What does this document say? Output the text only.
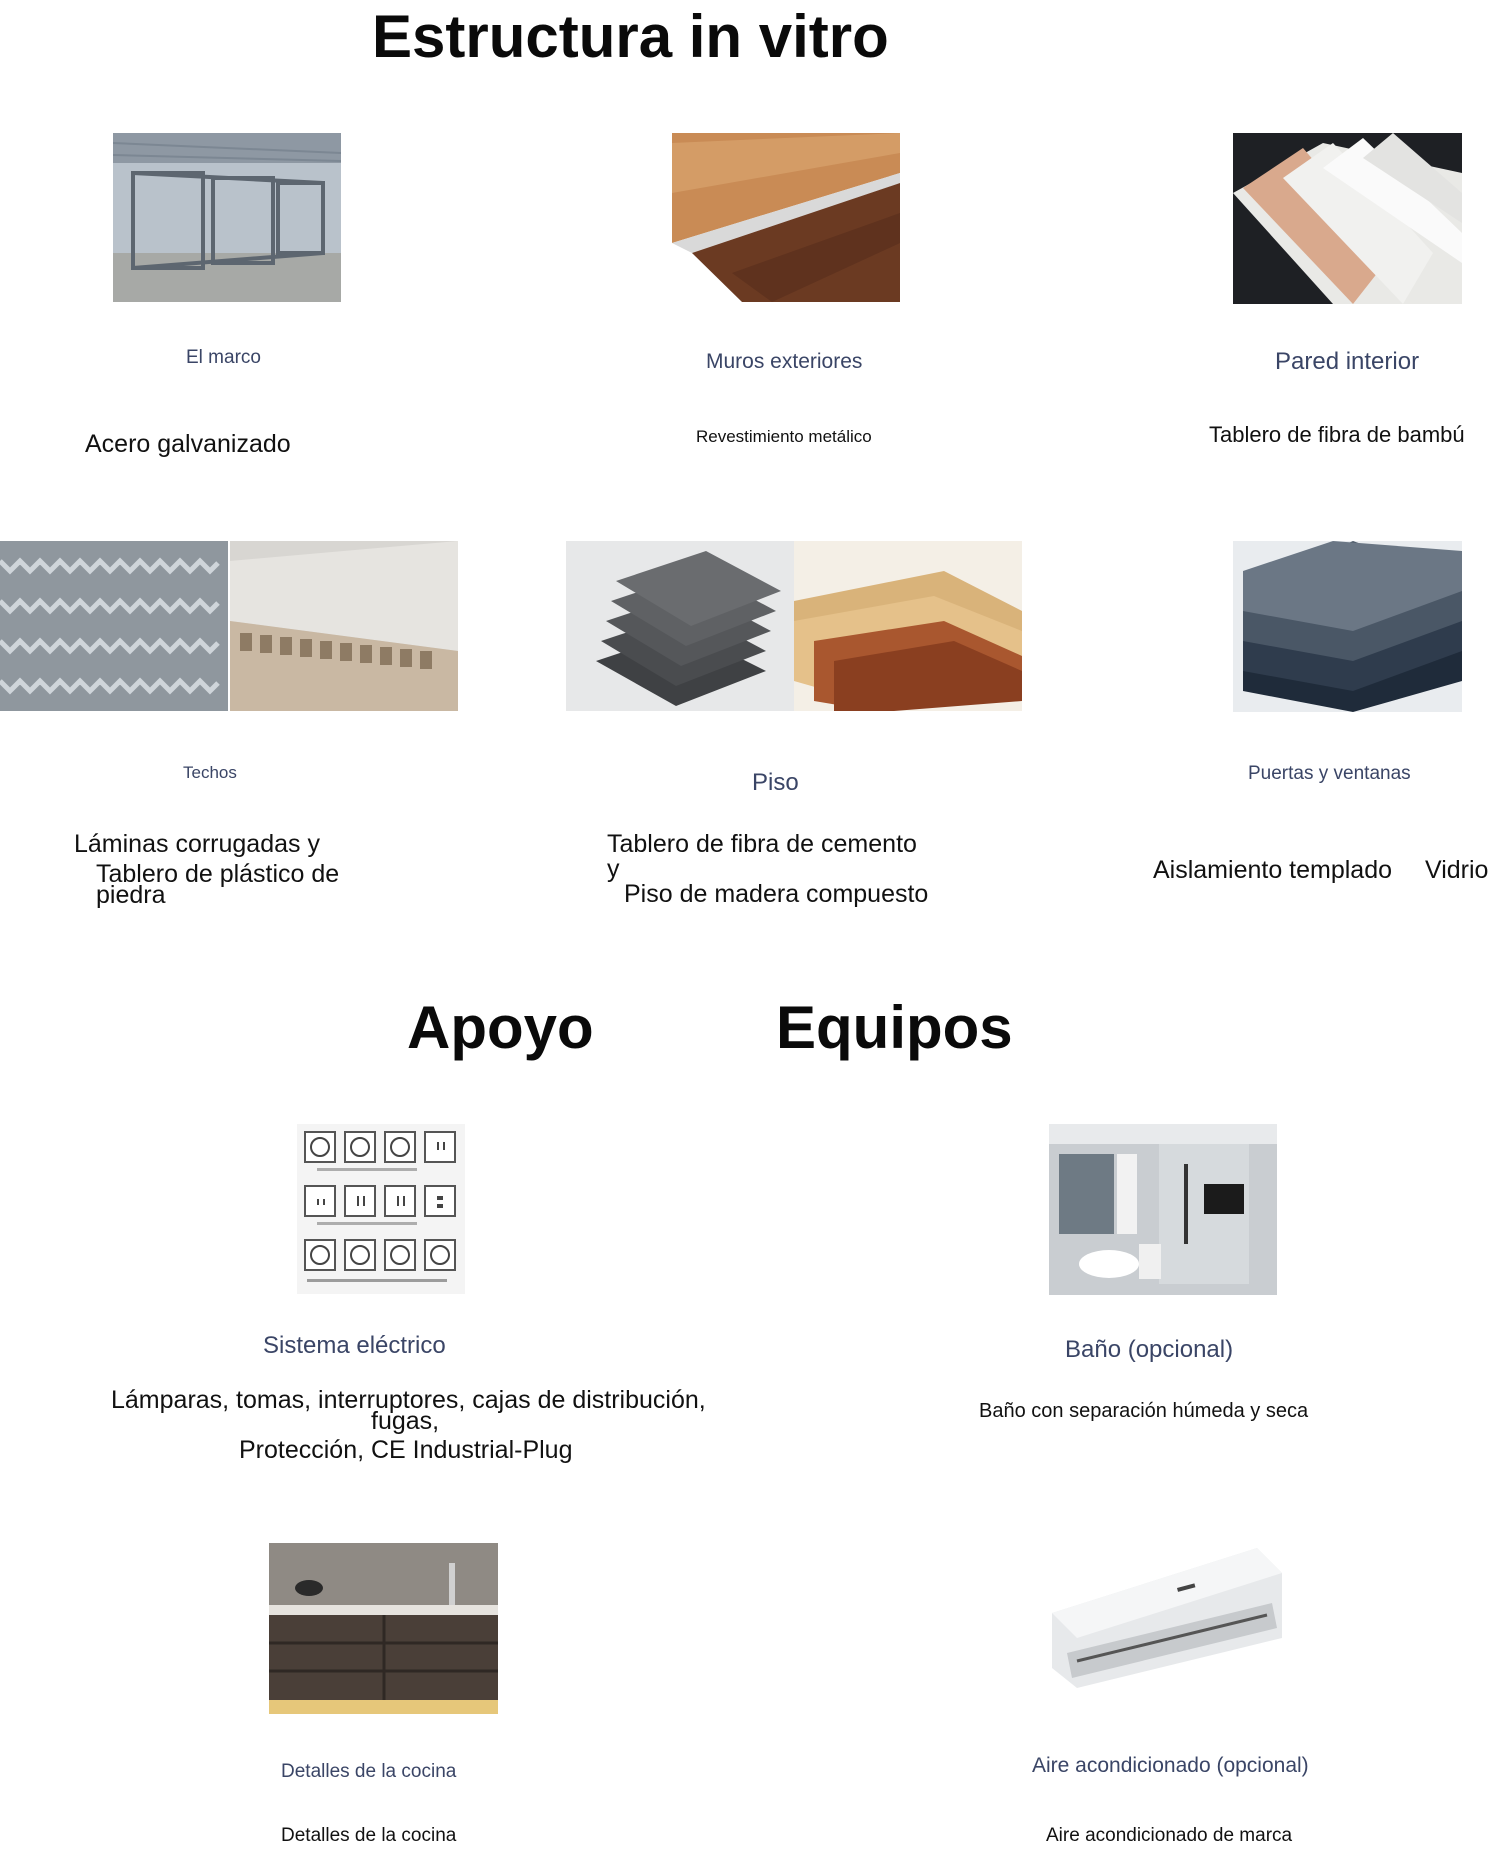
Estructura in vitro
Apoyo	Equipos
El marco
Acero galvanizado
Muros exteriores
Revestimiento metálico
Pared interior
Tablero de fibra de bambú
Techos
Láminas corrugadas y
Tablero de plástico de
piedra
Piso
Tablero de fibra de cemento
y
Piso de madera compuesto
Puertas y ventanas
Aislamiento templado Vidrio
Sistema eléctrico
Lámparas, tomas, interruptores, cajas de distribución,
fugas,
Protección, CE Industrial-Plug
Detalles de la cocina
Detalles de la cocina
Baño (opcional)
Baño con separación húmeda y seca
Aire acondicionado (opcional)
Aire acondicionado de marca
